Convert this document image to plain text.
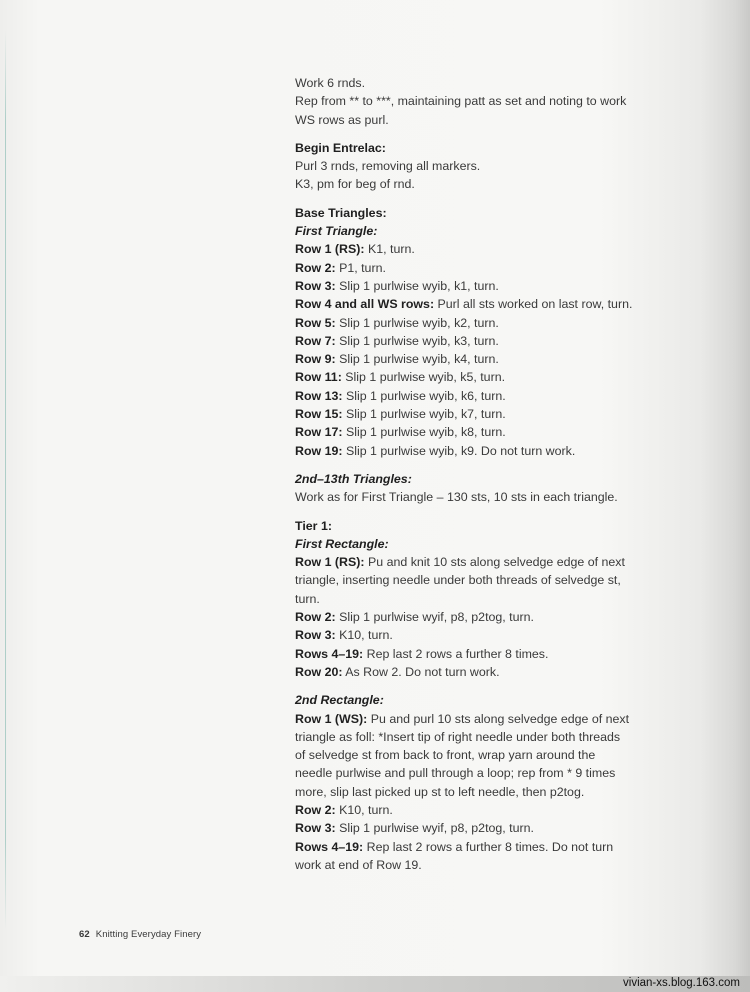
Work 6 rnds.

Rep from ** to ***, maintaining patt as set and noting to work

WS rows as purl.

Begin Entrelac:

Purl 3 rnds, removing all markers.

K3, pm for beg of rnd.

Base Triangles:

First Triangle:

Row 1 (RS): K1, turn.

Row 2: P1, turn.

Row 3: Slip 1 purlwise wyib, k1, turn.

Row 4 and all WS rows: Purl all sts worked on last row, turn.

Row 5: Slip 1 purlwise wyib, k2, turn.

Row 7: Slip 1 purlwise wyib, k3, turn.

Row 9: Slip 1 purlwise wyib, k4, turn.

Row 11: Slip 1 purlwise wyib, k5, turn.

Row 13: Slip 1 purlwise wyib, k6, turn.

Row 15: Slip 1 purlwise wyib, k7, turn.

Row 17: Slip 1 purlwise wyib, k8, turn.

Row 19: Slip 1 purlwise wyib, k9. Do not turn work.

2nd–13th Triangles:

Work as for First Triangle – 130 sts, 10 sts in each triangle.

Tier 1:

First Rectangle:

Row 1 (RS): Pu and knit 10 sts along selvedge edge of next

triangle, inserting needle under both threads of selvedge st,

turn.

Row 2: Slip 1 purlwise wyif, p8, p2tog, turn.

Row 3: K10, turn.

Rows 4–19: Rep last 2 rows a further 8 times.

Row 20: As Row 2. Do not turn work.

2nd Rectangle:

Row 1 (WS): Pu and purl 10 sts along selvedge edge of next

triangle as foll: *Insert tip of right needle under both threads

of selvedge st from back to front, wrap yarn around the

needle purlwise and pull through a loop; rep from * 9 times

more, slip last picked up st to left needle, then p2tog.

Row 2: K10, turn.

Row 3: Slip 1 purlwise wyif, p8, p2tog, turn.

Rows 4–19: Rep last 2 rows a further 8 times. Do not turn

work at end of Row 19.

62 Knitting Everyday Finery
vivian-xs.blog.163.com
